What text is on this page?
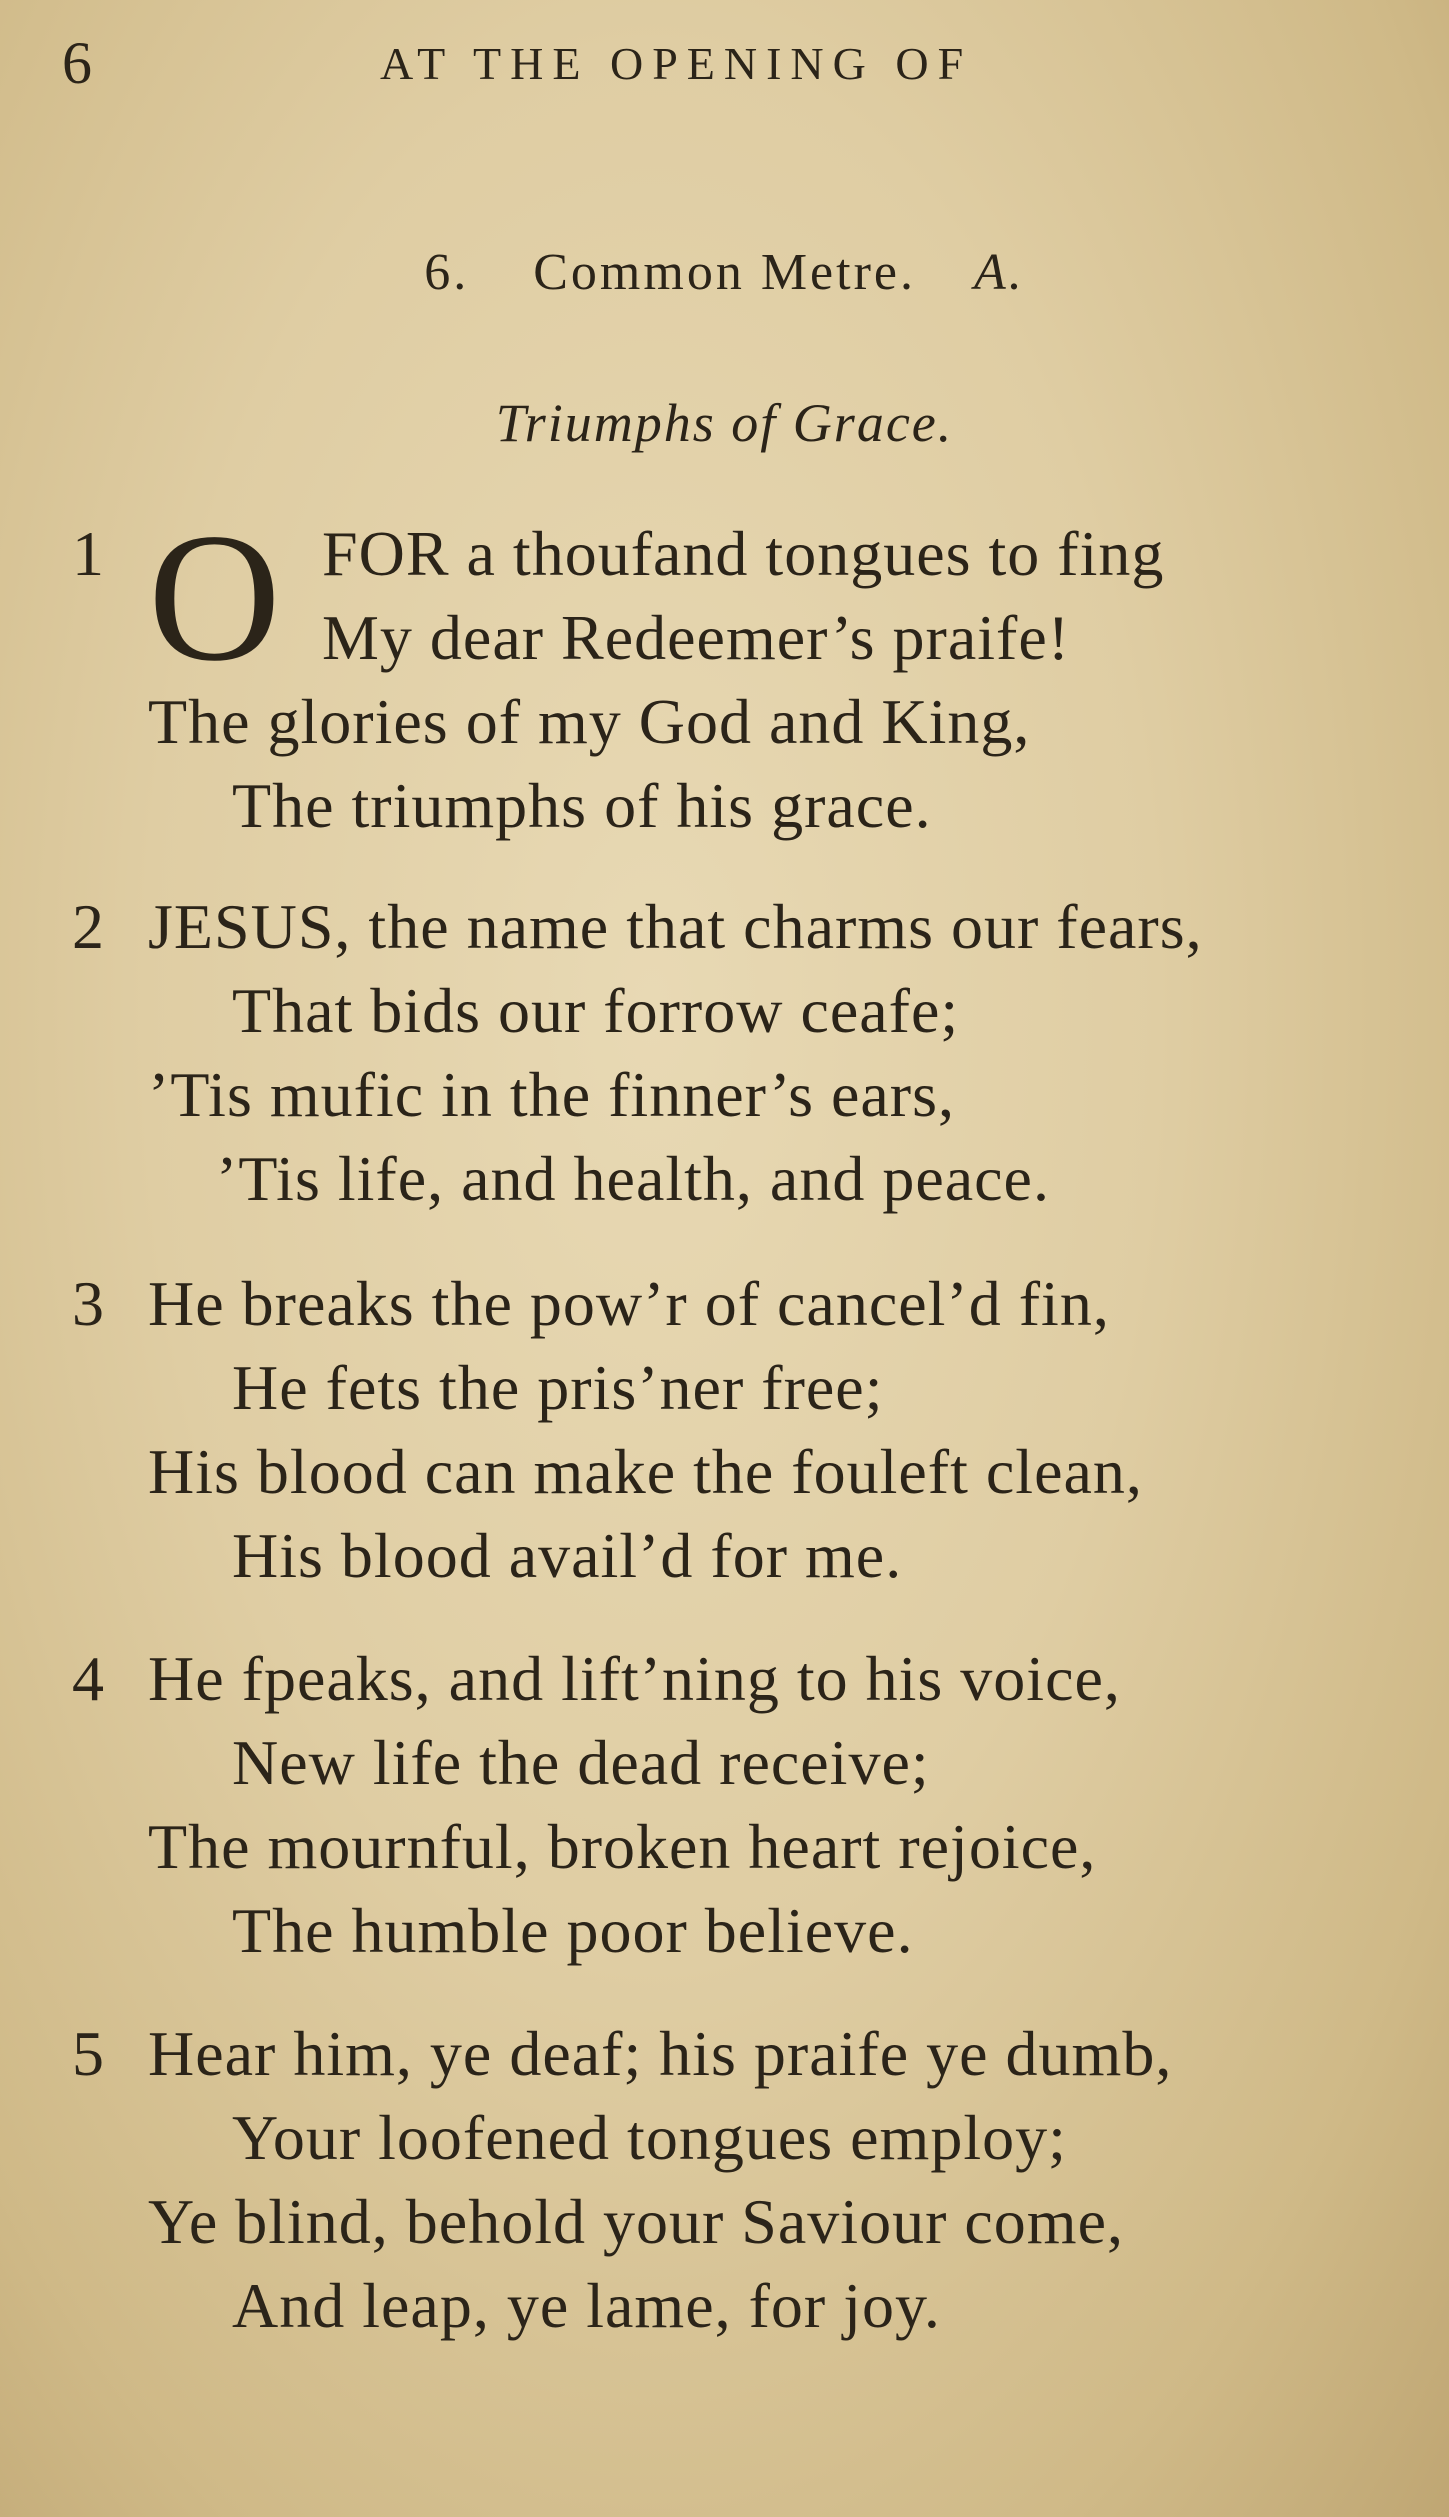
6	AT THE OPENING OF
6. Common Metre. A.
Triumphs of Grace.
1 O FOR a thoufand tongues to fing
My dear Redeemer’s praife!
The glories of my God and King,
The triumphs of his grace.
2 JESUS, the name that charms our fears,
That bids our forrow ceafe;
’Tis mufic in the finner’s ears,
’Tis life, and health, and peace.
3 He breaks the pow’r of cancel’d fin,
He fets the pris’ner free;
His blood can make the fouleft clean,
His blood avail’d for me.
4 He fpeaks, and lift’ning to his voice,
New life the dead receive;
The mournful, broken heart rejoice,
The humble poor believe.
5 Hear him, ye deaf; his praife ye dumb,
Your loofened tongues employ;
Ye blind, behold your Saviour come,
And leap, ye lame, for joy.
